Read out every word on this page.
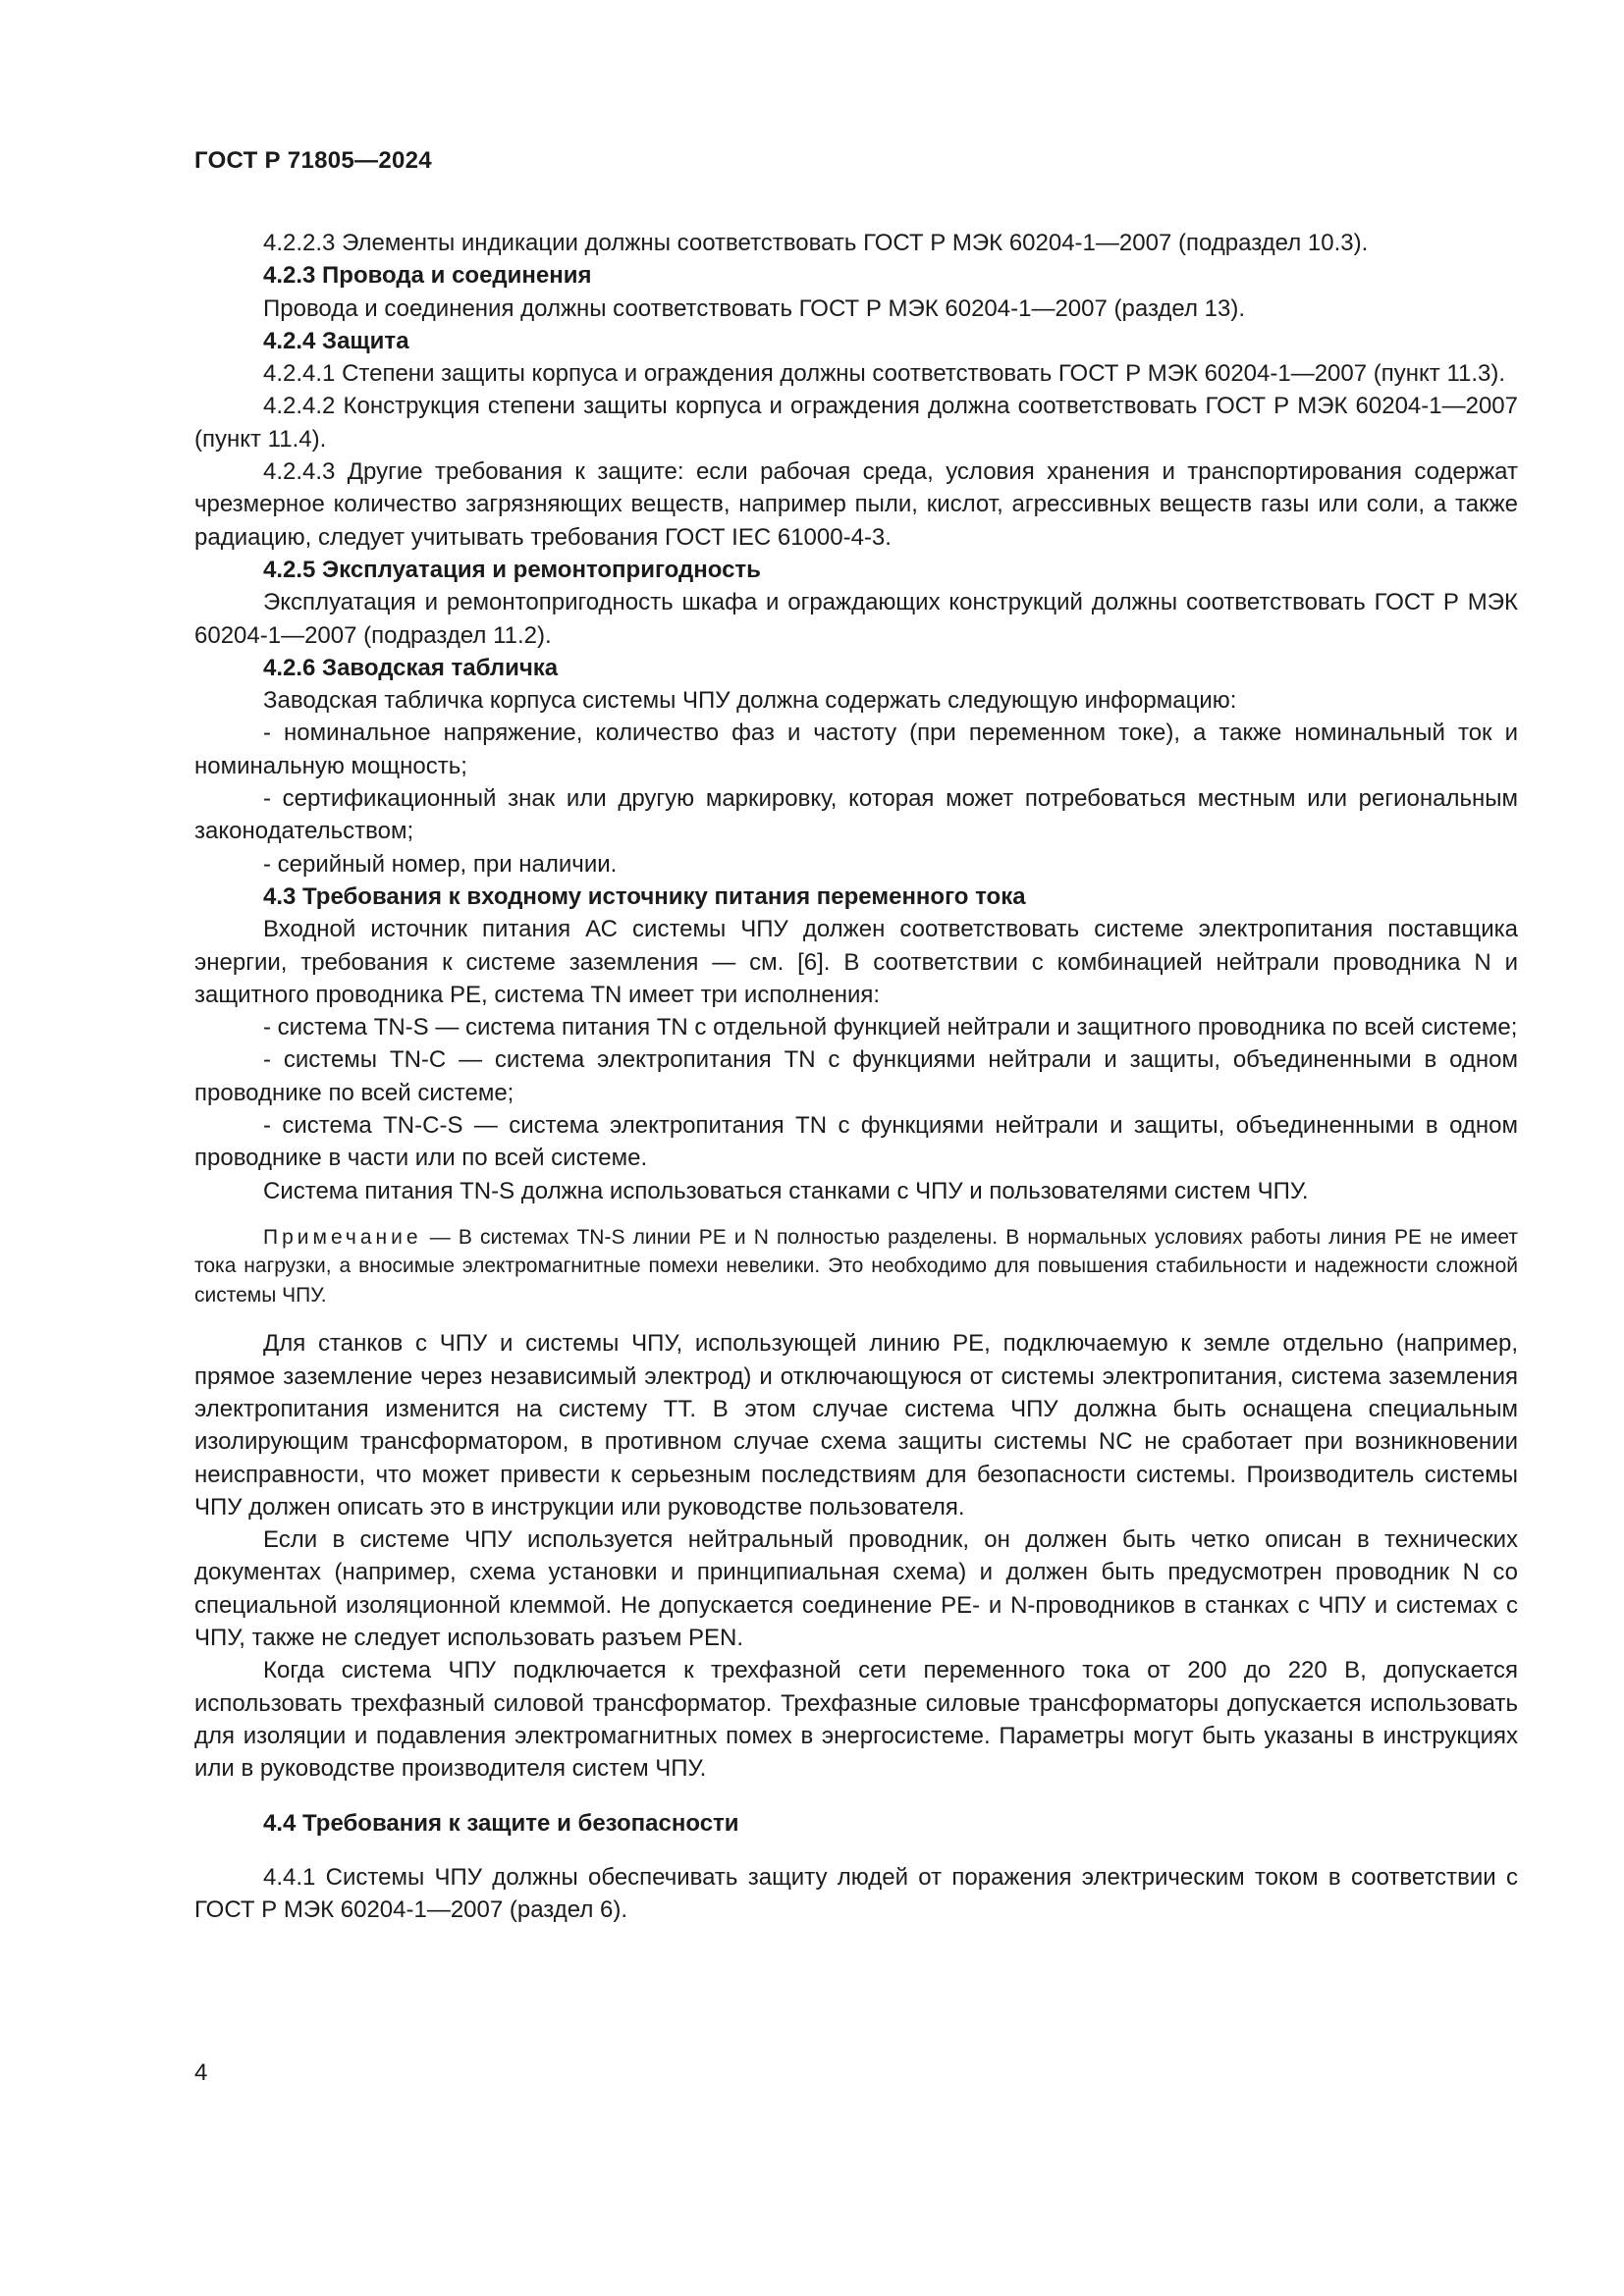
ГОСТ Р 71805—2024

4.2.2.3 Элементы индикации должны соответствовать ГОСТ Р МЭК 60204-1—2007 (подраздел 10.3).

4.2.3 Провода и соединения

Провода и соединения должны соответствовать ГОСТ Р МЭК 60204-1—2007 (раздел 13).

4.2.4 Защита

4.2.4.1 Степени защиты корпуса и ограждения должны соответствовать ГОСТ Р МЭК 60204-1—2007 (пункт 11.3).

4.2.4.2 Конструкция степени защиты корпуса и ограждения должна соответствовать ГОСТ Р МЭК 60204-1—2007 (пункт 11.4).

4.2.4.3 Другие требования к защите: если рабочая среда, условия хранения и транспортирования содержат чрезмерное количество загрязняющих веществ, например пыли, кислот, агрессивных веществ газы или соли, а также радиацию, следует учитывать требования ГОСТ IEC 61000-4-3.

4.2.5 Эксплуатация и ремонтопригодность

Эксплуатация и ремонтопригодность шкафа и ограждающих конструкций должны соответствовать ГОСТ Р МЭК 60204-1—2007 (подраздел 11.2).

4.2.6 Заводская табличка

Заводская табличка корпуса системы ЧПУ должна содержать следующую информацию:

- номинальное напряжение, количество фаз и частоту (при переменном токе), а также номинальный ток и номинальную мощность;

- сертификационный знак или другую маркировку, которая может потребоваться местным или региональным законодательством;

- серийный номер, при наличии.

4.3 Требования к входному источнику питания переменного тока

Входной источник питания АС системы ЧПУ должен соответствовать системе электропитания поставщика энергии, требования к системе заземления — см. [6]. В соответствии с комбинацией нейтрали проводника N и защитного проводника PE, система TN имеет три исполнения:

- система TN-S — система питания TN с отдельной функцией нейтрали и защитного проводника по всей системе;

- системы TN-C — система электропитания TN с функциями нейтрали и защиты, объединенными в одном проводнике по всей системе;

- система TN-C-S — система электропитания TN с функциями нейтрали и защиты, объединенными в одном проводнике в части или по всей системе.

Система питания TN-S должна использоваться станками с ЧПУ и пользователями систем ЧПУ.

Примечание — В системах TN-S линии PE и N полностью разделены. В нормальных условиях работы линия PE не имеет тока нагрузки, а вносимые электромагнитные помехи невелики. Это необходимо для повышения стабильности и надежности сложной системы ЧПУ.

Для станков с ЧПУ и системы ЧПУ, использующей линию PE, подключаемую к земле отдельно (например, прямое заземление через независимый электрод) и отключающуюся от системы электропитания, система заземления электропитания изменится на систему TT. В этом случае система ЧПУ должна быть оснащена специальным изолирующим трансформатором, в противном случае схема защиты системы NC не сработает при возникновении неисправности, что может привести к серьезным последствиям для безопасности системы. Производитель системы ЧПУ должен описать это в инструкции или руководстве пользователя.

Если в системе ЧПУ используется нейтральный проводник, он должен быть четко описан в технических документах (например, схема установки и принципиальная схема) и должен быть предусмотрен проводник N со специальной изоляционной клеммой. Не допускается соединение PE- и N-проводников в станках с ЧПУ и системах с ЧПУ, также не следует использовать разъем PEN.

Когда система ЧПУ подключается к трехфазной сети переменного тока от 200 до 220 В, допускается использовать трехфазный силовой трансформатор. Трехфазные силовые трансформаторы допускается использовать для изоляции и подавления электромагнитных помех в энергосистеме. Параметры могут быть указаны в инструкциях или в руководстве производителя систем ЧПУ.

4.4 Требования к защите и безопасности

4.4.1 Системы ЧПУ должны обеспечивать защиту людей от поражения электрическим током в соответствии с ГОСТ Р МЭК 60204-1—2007 (раздел 6).

4
